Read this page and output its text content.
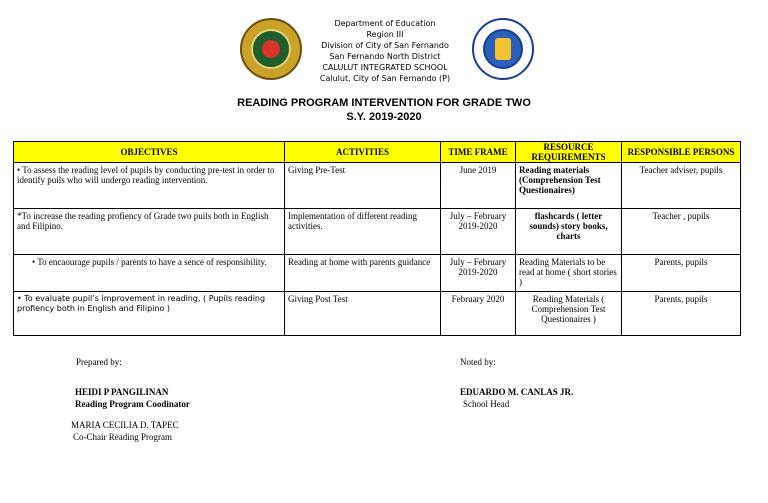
Department of Education
Region III
Division of City of San Fernando
San Fernando North District
CALULUT INTEGRATED SCHOOL
Calulut, City of San Fernando (P)
READING PROGRAM INTERVENTION FOR GRADE TWO
S.Y. 2019-2020
OBJECTIVES	ACTIVITIES	TIME FRAME	RESOURCE REQUIREMENTS	RESPONSIBLE PERSONS
• To assess the reading level of pupils by conducting pre-test in order to identify puils who will undergo reading intervention.	Giving Pre-Test	June 2019	Reading materials (Comprehension Test Questionaires)	Teacher adviser, pupils
*To increase the reading profiency of Grade two puils both in English and Filipino.	Implementation of different reading activities.	July – February 2019-2020	flashcards ( letter sounds) story books, charts	Teacher , pupils
• To encaourage pupils / parents to have a sence of responsibility.	Reading at home with parents guidance	July – February 2019-2020	Reading Materials to be read at home ( short stories )	Parents, pupils
• To evaluate pupil’s improvement in reading, ( Pupils reading profiency both in English and Filipino )	Giving Post Test	February 2020	Reading Materials ( Comprehension Test Questionaires )	Parents, pupils
Prepared by:	Noted by:
HEIDI P PANGILINAN
Reading Program Coodinator
EDUARDO M. CANLAS JR.
School Head
MARIA CECILIA D. TAPEC
Co-Chair Reading Program
